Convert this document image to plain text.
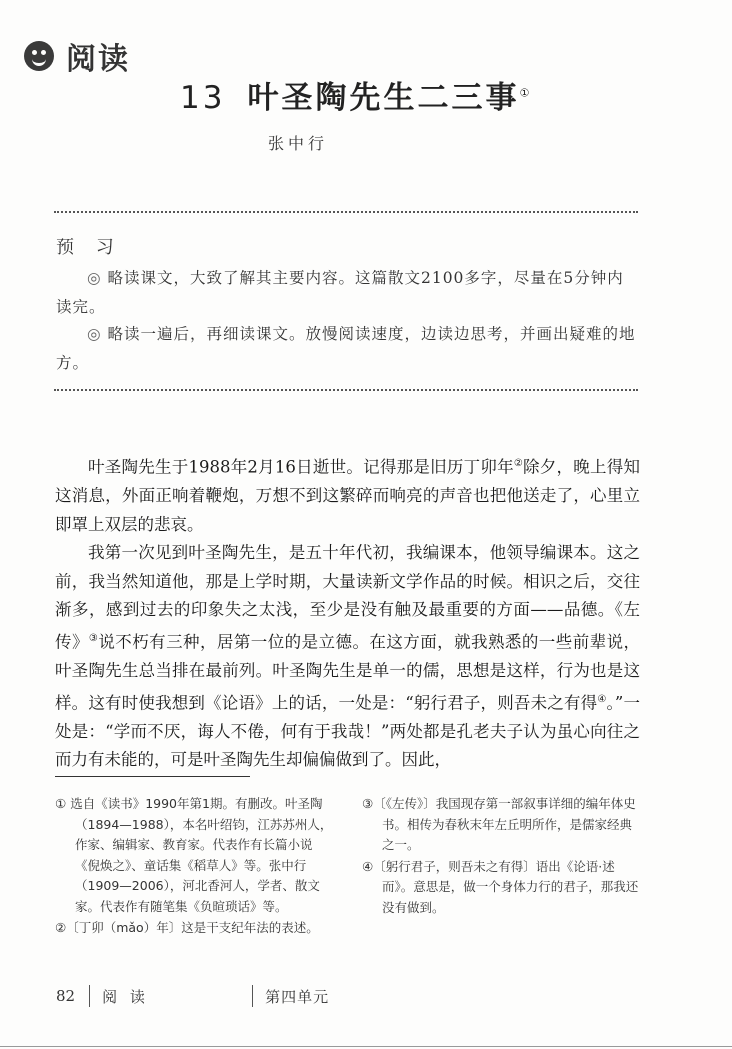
阅读
13 叶圣陶先生二三事①
张中行
预 习

◎ 略读课文，大致了解其主要内容。这篇散文2100多字，尽量在5分钟内读完。

◎ 略读一遍后，再细读课文。放慢阅读速度，边读边思考，并画出疑难的地方。

叶圣陶先生于1988年2月16日逝世。记得那是旧历丁卯年②除夕，晚上得知这消息，外面正响着鞭炮，万想不到这繁碎而响亮的声音也把他送走了，心里立即罩上双层的悲哀。

我第一次见到叶圣陶先生，是五十年代初，我编课本，他领导编课本。这之前，我当然知道他，那是上学时期，大量读新文学作品的时候。相识之后，交往渐多，感到过去的印象失之太浅，至少是没有触及最重要的方面——品德。《左传》③说不朽有三种，居第一位的是立德。在这方面，就我熟悉的一些前辈说，叶圣陶先生总当排在最前列。叶圣陶先生是单一的儒，思想是这样，行为也是这样。这有时使我想到《论语》上的话，一处是：“躬行君子，则吾未之有得④。”一处是：“学而不厌，诲人不倦，何有于我哉！”两处都是孔老夫子认为虽心向往之而力有未能的，可是叶圣陶先生却偏偏做到了。因此，

① 选自《读书》1990年第1期。有删改。叶圣陶（1894—1988），本名叶绍钧，江苏苏州人，作家、编辑家、教育家。代表作有长篇小说《倪焕之》、童话集《稻草人》等。张中行（1909—2006），河北香河人，学者、散文家。代表作有随笔集《负暄琐话》等。

②〔丁卯（mǎo）年〕这是干支纪年法的表述。

③〔《左传》〕我国现存第一部叙事详细的编年体史书。相传为春秋末年左丘明所作，是儒家经典之一。

④〔躬行君子，则吾未之有得〕语出《论语·述而》。意思是，做一个身体力行的君子，那我还没有做到。

82 阅 读	第四单元
